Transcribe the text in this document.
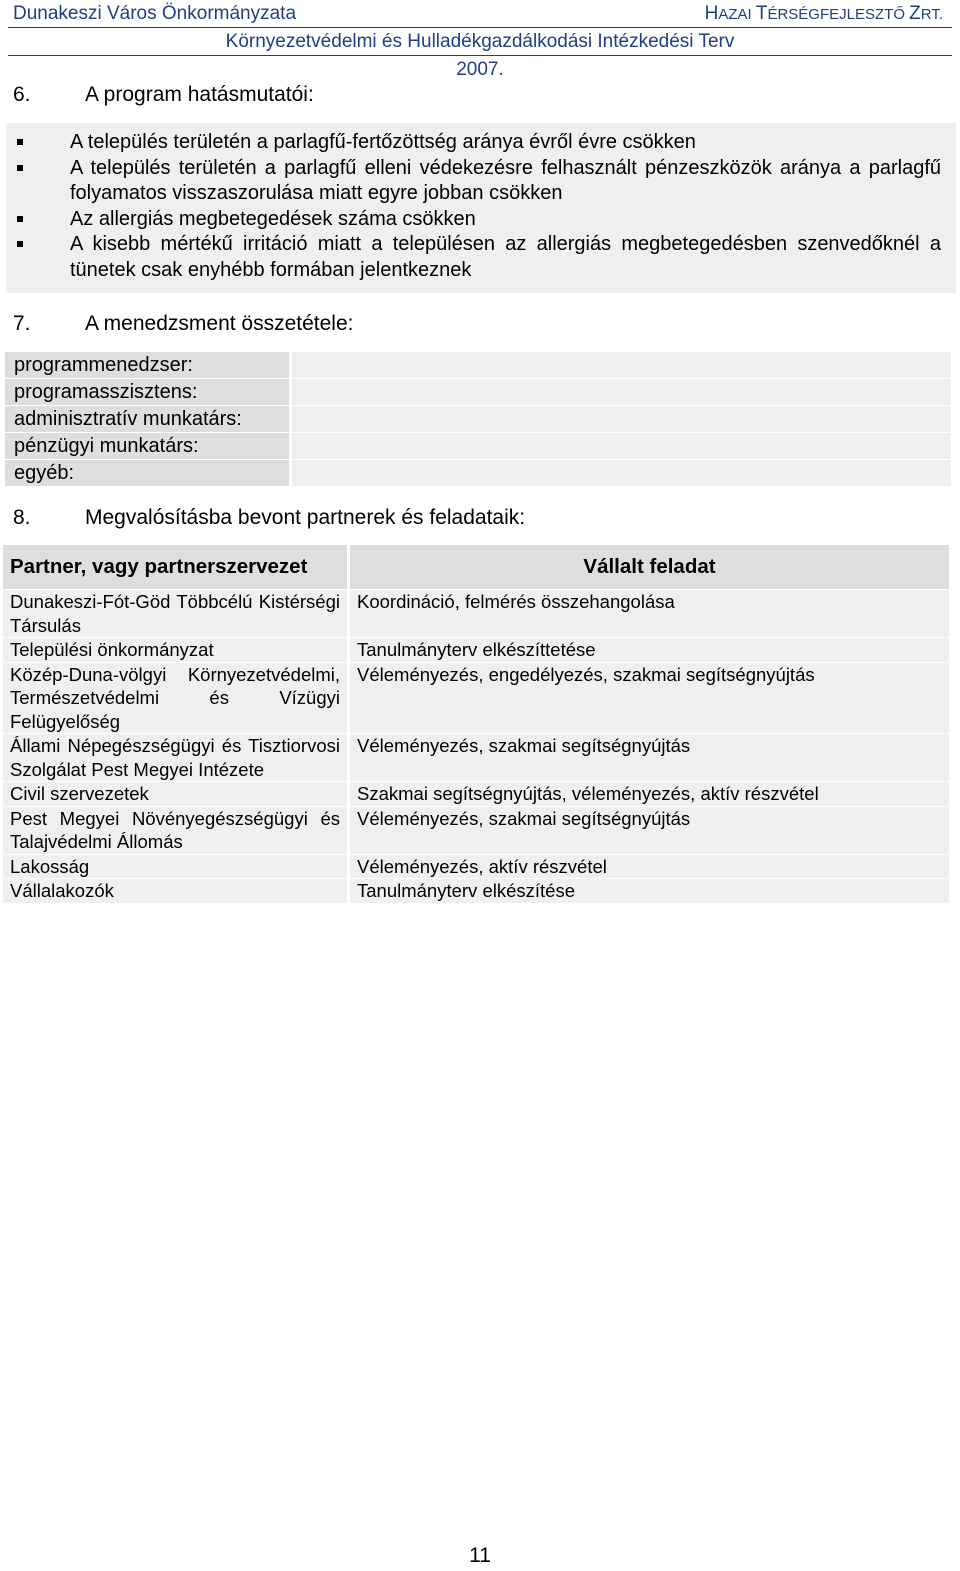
Dunakeszi Város Önkormányzata	HAZAI TÉRSÉGFEJLESZTŐ ZRT.
Környezetvédelmi és Hulladékgazdálkodási Intézkedési Terv
2007.
6.	A program hatásmutatói:
A település területén a parlagfű-fertőzöttség aránya évről évre csökken
A település területén a parlagfű elleni védekezésre felhasznált pénzeszközök aránya a parlagfű folyamatos visszaszorulása miatt egyre jobban csökken
Az allergiás megbetegedések száma csökken
A kisebb mértékű irritáció miatt a településen az allergiás megbetegedésben szenvedőknél a tünetek csak enyhébb formában jelentkeznek
7.	A menedzsment összetétele:
programmenedzser:
programasszisztens:
adminisztratív munkatárs:
pénzügyi munkatárs:
egyéb:
8.	Megvalósításba bevont partnerek és feladataik:
Partner, vagy partnerszervezet		Vállalt feladat

Dunakeszi-Fót-Göd Többcélú Kistérségi Társulás		Koordináció, felmérés összehangolása

Települési önkormányzat		Tanulmányterv elkészíttetése

Közép-Duna-völgyi Környezetvédelmi, Természetvédelmi és Vízügyi Felügyelőség		Véleményezés, engedélyezés, szakmai segítségnyújtás

Állami Népegészségügyi és Tisztiorvosi Szolgálat Pest Megyei Intézete		Véleményezés, szakmai segítségnyújtás

Civil szervezetek		Szakmai segítségnyújtás, véleményezés, aktív részvétel

Pest Megyei Növényegészségügyi és Talajvédelmi Állomás		Véleményezés, szakmai segítségnyújtás

Lakosság		Véleményezés, aktív részvétel

Vállalakozók		Tanulmányterv elkészítése
11
